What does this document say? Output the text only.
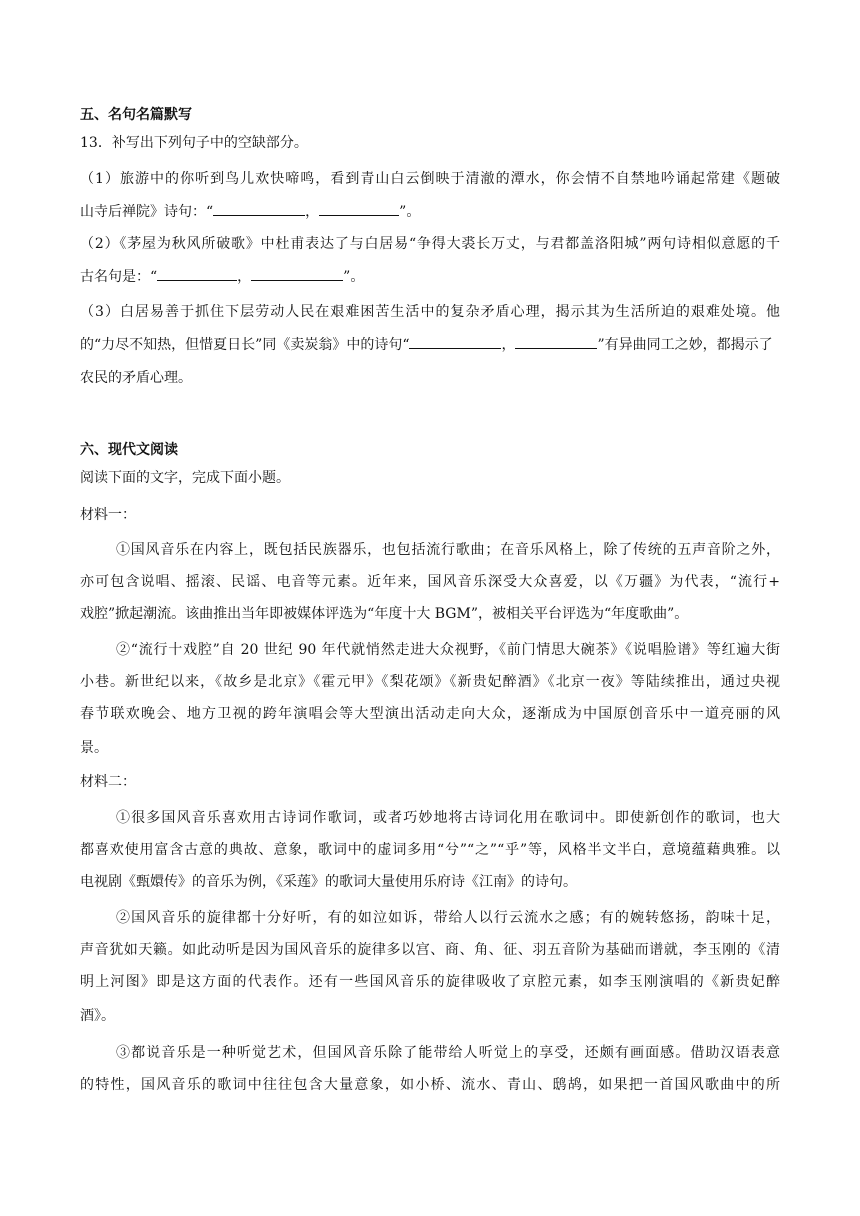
五、名句名篇默写
13．补写出下列句子中的空缺部分。
（1）旅游中的你听到鸟儿欢快啼鸣，看到青山白云倒映于清澈的潭水，你会情不自禁地吟诵起常建《题破
山寺后禅院》诗句：“	，	”。
（2）《茅屋为秋风所破歌》中杜甫表达了与白居易“争得大裘长万丈，与君都盖洛阳城”两句诗相似意愿的千
古名句是：“	，	”。
（3）白居易善于抓住下层劳动人民在艰难困苦生活中的复杂矛盾心理，揭示其为生活所迫的艰难处境。他
的“力尽不知热，但惜夏日长”同《卖炭翁》中的诗句“	，	”有异曲同工之妙，都揭示了
农民的矛盾心理。
六、现代文阅读
阅读下面的文字，完成下面小题。
材料一：
①国风音乐在内容上，既包括民族器乐，也包括流行歌曲；在音乐风格上，除了传统的五声音阶之外，
亦可包含说唱、摇滚、民谣、电音等元素。近年来，国风音乐深受大众喜爱，以《万疆》为代表，“流行+
戏腔”掀起潮流。该曲推出当年即被媒体评选为“年度十大 BGM”，被相关平台评选为“年度歌曲”。
②“流行十戏腔”自 20 世纪 90 年代就悄然走进大众视野，《前门情思大碗茶》《说唱脸谱》等红遍大街
小巷。新世纪以来，《故乡是北京》《霍元甲》《梨花颂》《新贵妃醉酒》《北京一夜》等陆续推出，通过央视
春节联欢晚会、地方卫视的跨年演唱会等大型演出活动走向大众，逐渐成为中国原创音乐中一道亮丽的风
景。
材料二：
①很多国风音乐喜欢用古诗词作歌词，或者巧妙地将古诗词化用在歌词中。即使新创作的歌词，也大
都喜欢使用富含古意的典故、意象，歌词中的虚词多用“兮”“之”“乎”等，风格半文半白，意境蕴藉典雅。以
电视剧《甄嬛传》的音乐为例，《采莲》的歌词大量使用乐府诗《江南》的诗句。
②国风音乐的旋律都十分好听，有的如泣如诉，带给人以行云流水之感；有的婉转悠扬，韵味十足，
声音犹如天籁。如此动听是因为国风音乐的旋律多以宫、商、角、征、羽五音阶为基础而谱就，李玉刚的《清
明上河图》即是这方面的代表作。还有一些国风音乐的旋律吸收了京腔元素，如李玉刚演唱的《新贵妃醉
酒》。
③都说音乐是一种听觉艺术，但国风音乐除了能带给人听觉上的享受，还颇有画面感。借助汉语表意
的特性，国风音乐的歌词中往往包含大量意象，如小桥、流水、青山、鸱鸪，如果把一首国风歌曲中的所
